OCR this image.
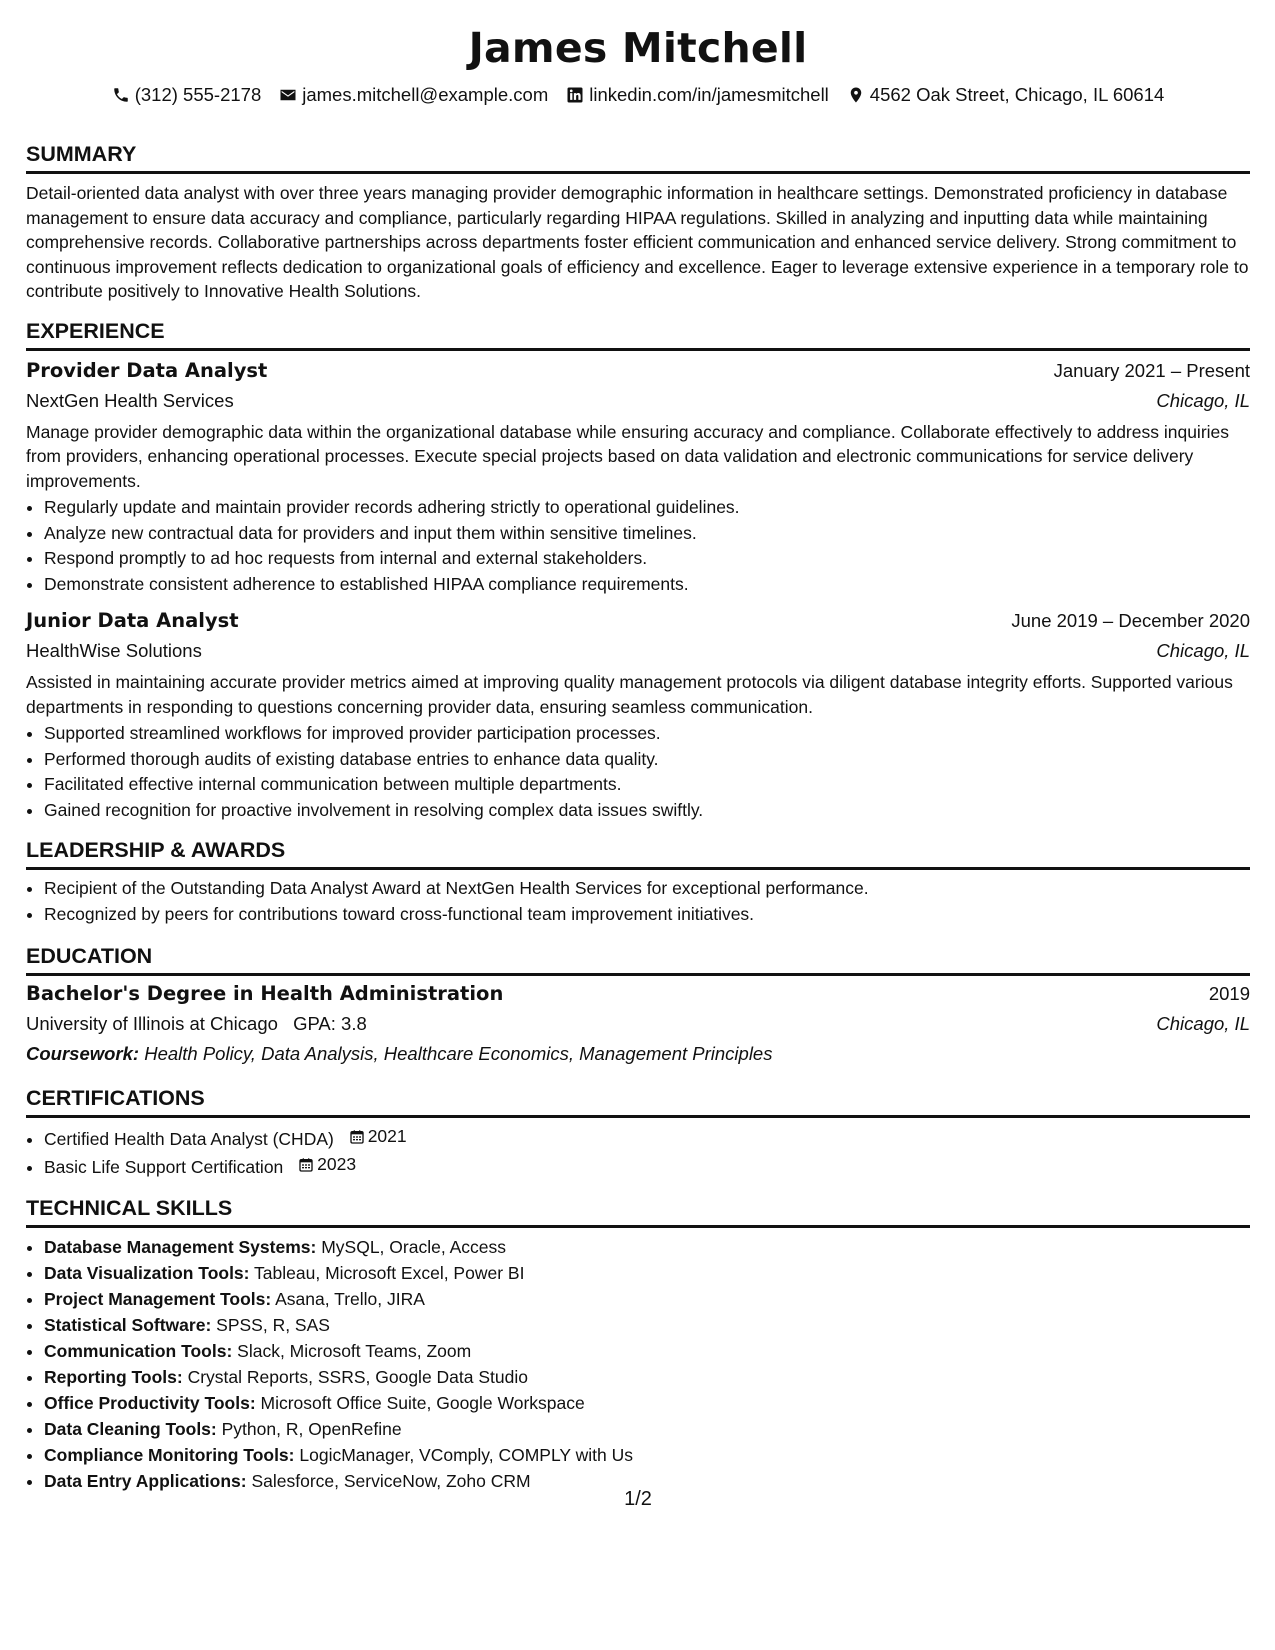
James Mitchell
(312) 555-2178 james.mitchell@example.com linkedin.com/in/jamesmitchell 4562 Oak Street, Chicago, IL 60614
SUMMARY

Detail-oriented data analyst with over three years managing provider demographic information in healthcare settings. Demonstrated proficiency in database management to ensure data accuracy and compliance, particularly regarding HIPAA regulations. Skilled in analyzing and inputting data while maintaining comprehensive records. Collaborative partnerships across departments foster efficient communication and enhanced service delivery. Strong commitment to continuous improvement reflects dedication to organizational goals of efficiency and excellence. Eager to leverage extensive experience in a temporary role to contribute positively to Innovative Health Solutions.

EXPERIENCE
Provider Data Analyst	January 2021 – Present
NextGen Health Services	Chicago, IL

Manage provider demographic data within the organizational database while ensuring accuracy and compliance. Collaborate effectively to address inquiries from providers, enhancing operational processes. Execute special projects based on data validation and electronic communications for service delivery improvements.

• Regularly update and maintain provider records adhering strictly to operational guidelines.
• Analyze new contractual data for providers and input them within sensitive timelines.
• Respond promptly to ad hoc requests from internal and external stakeholders.
• Demonstrate consistent adherence to established HIPAA compliance requirements.
Junior Data Analyst	June 2019 – December 2020
HealthWise Solutions	Chicago, IL

Assisted in maintaining accurate provider metrics aimed at improving quality management protocols via diligent database integrity efforts. Supported various departments in responding to questions concerning provider data, ensuring seamless communication.

• Supported streamlined workflows for improved provider participation processes.
• Performed thorough audits of existing database entries to enhance data quality.
• Facilitated effective internal communication between multiple departments.
• Gained recognition for proactive involvement in resolving complex data issues swiftly.
LEADERSHIP & AWARDS
• Recipient of the Outstanding Data Analyst Award at NextGen Health Services for exceptional performance.
• Recognized by peers for contributions toward cross-functional team improvement initiatives.
EDUCATION
Bachelor's Degree in Health Administration	2019
University of Illinois at Chicago GPA: 3.8	Chicago, IL
Coursework: Health Policy, Data Analysis, Healthcare Economics, Management Principles
CERTIFICATIONS
• Certified Health Data Analyst (CHDA) 2021
• Basic Life Support Certification 2023
TECHNICAL SKILLS
• Database Management Systems: MySQL, Oracle, Access
• Data Visualization Tools: Tableau, Microsoft Excel, Power BI
• Project Management Tools: Asana, Trello, JIRA
• Statistical Software: SPSS, R, SAS
• Communication Tools: Slack, Microsoft Teams, Zoom
• Reporting Tools: Crystal Reports, SSRS, Google Data Studio
• Office Productivity Tools: Microsoft Office Suite, Google Workspace
• Data Cleaning Tools: Python, R, OpenRefine
• Compliance Monitoring Tools: LogicManager, VComply, COMPLY with Us
• Data Entry Applications: Salesforce, ServiceNow, Zoho CRM
1/2
